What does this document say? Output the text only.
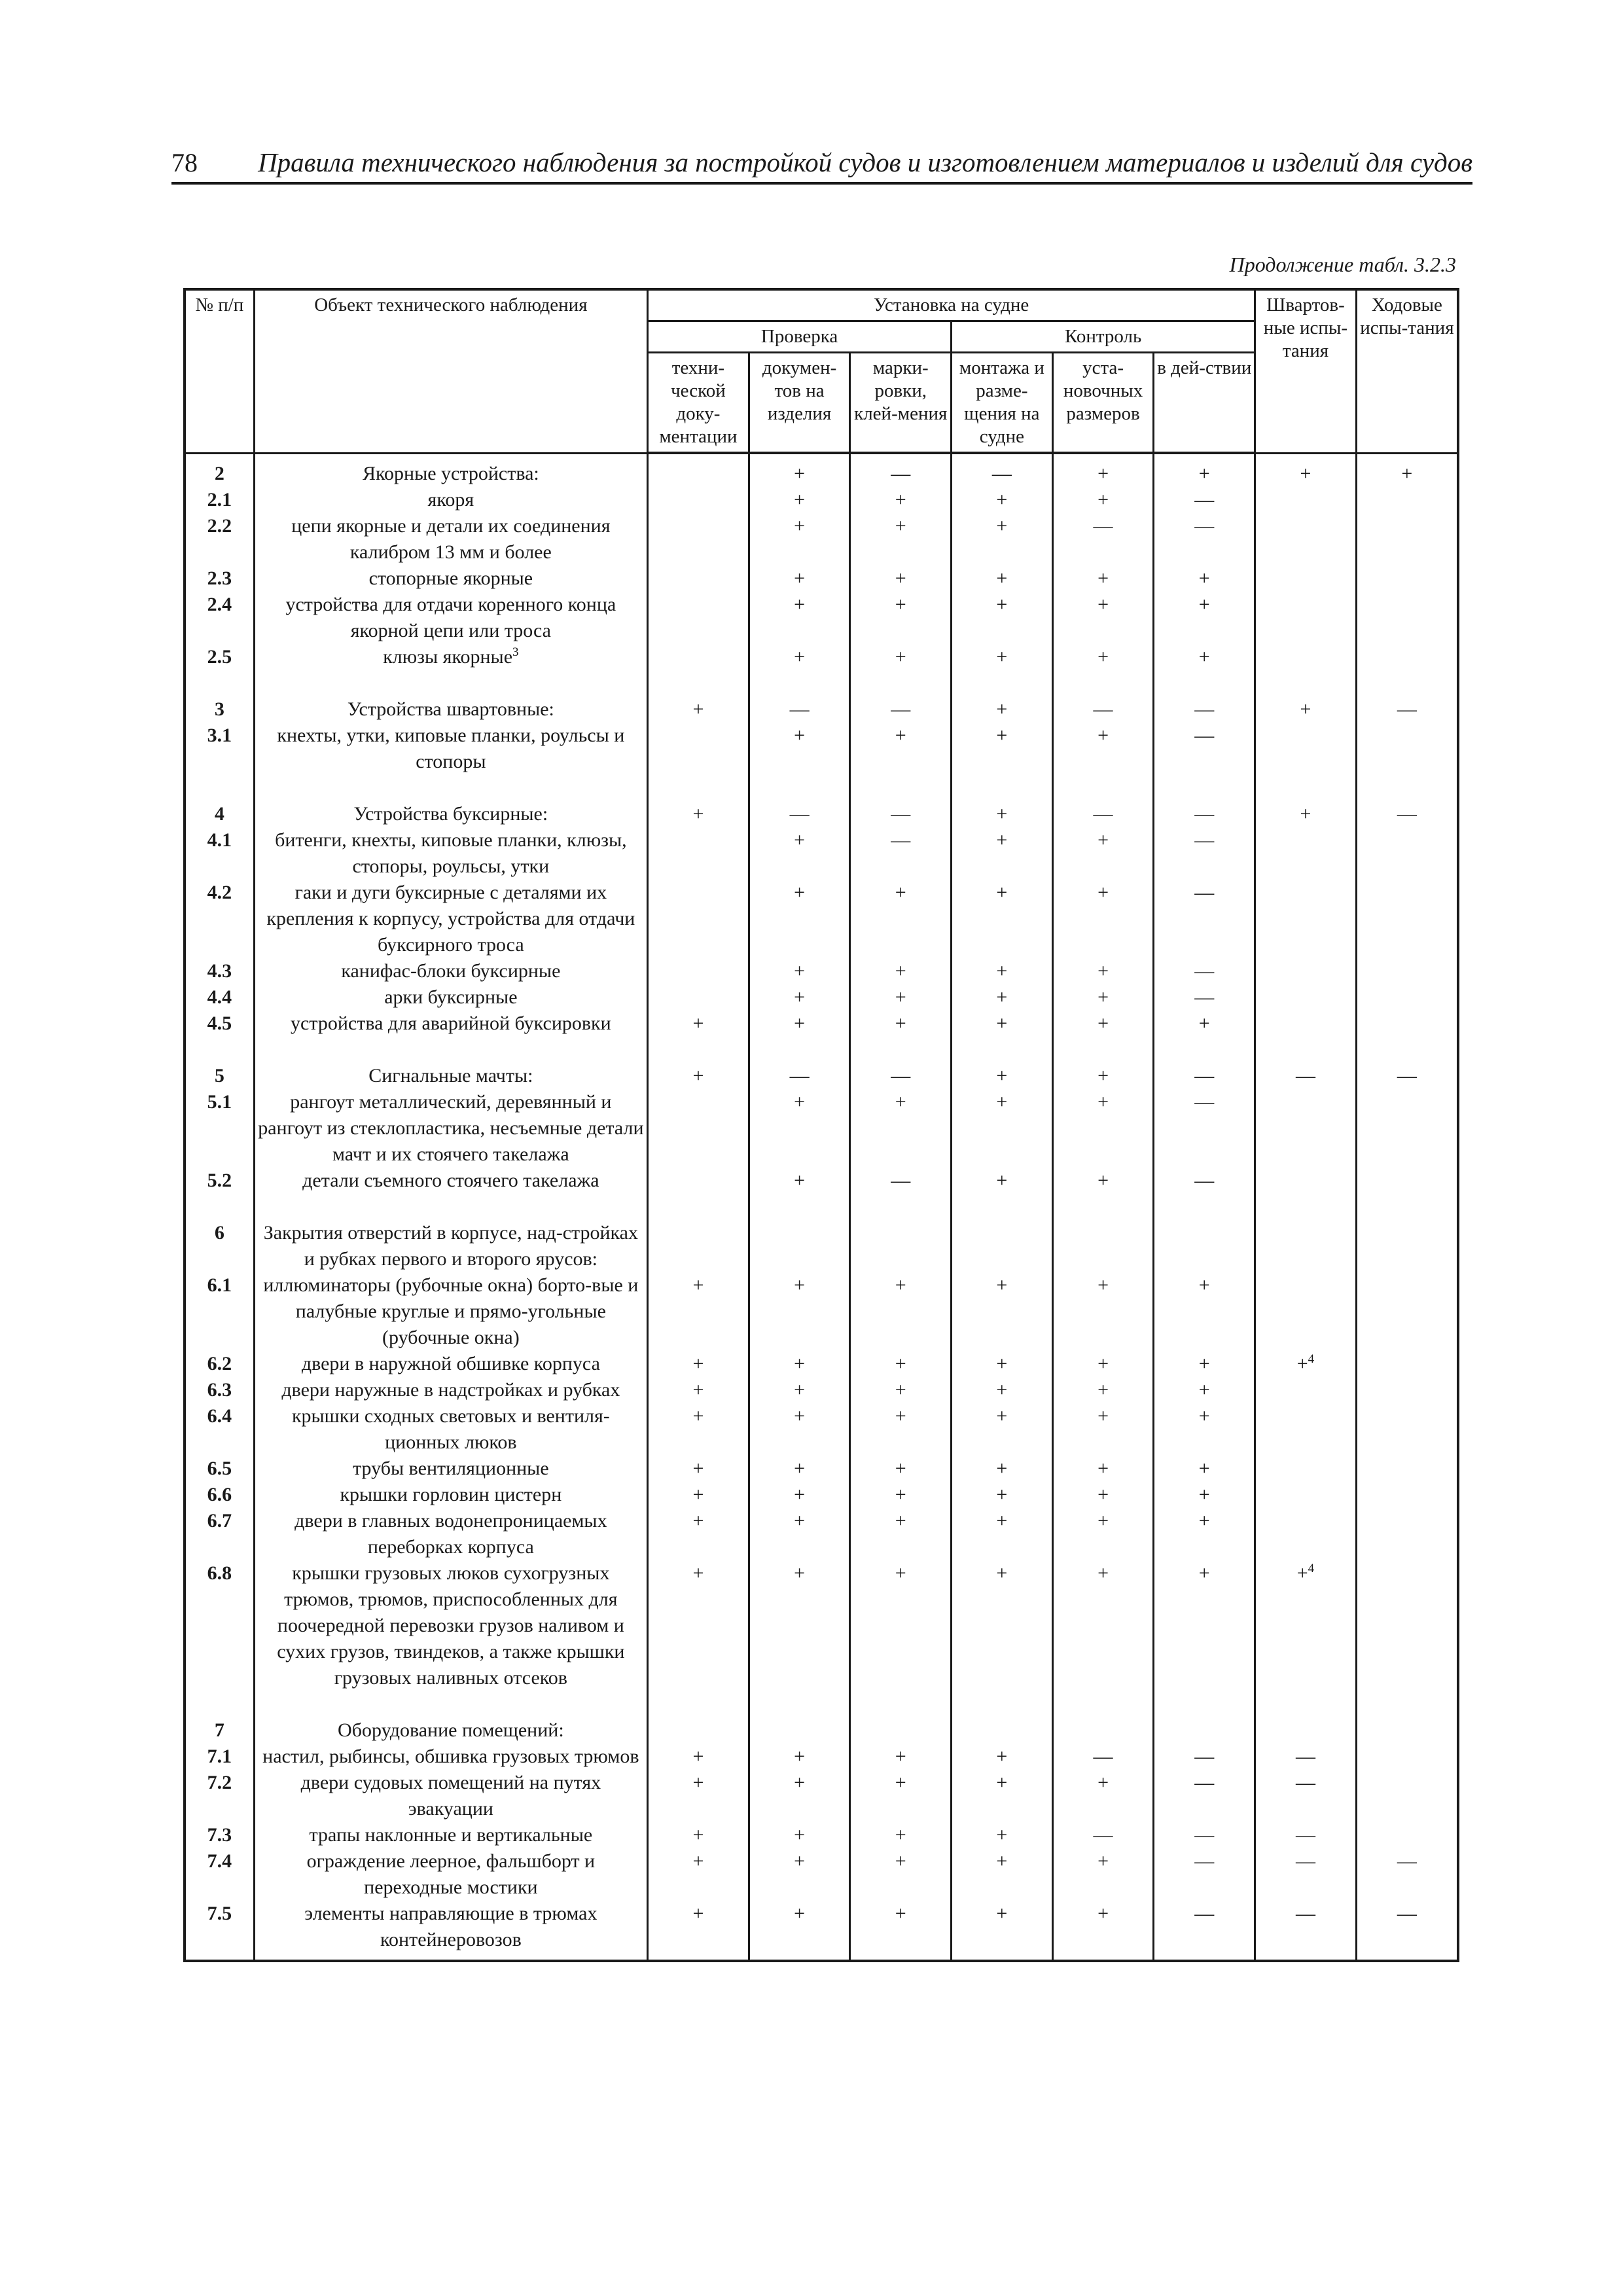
78 Правила технического наблюдения за постройкой судов и изготовлением материалов и изделий для судов
Продолжение табл. 3.2.3
№ п/п	Объект технического наблюдения	Установка на судне						Швартов-ные испы-тания	Ходовые испы-тания
		Проверка			Контроль				
		техни-ческой доку-ментации	докумен-тов на изделия	марки-ровки, клей-мения	монтажа и разме-щения на судне	уста-новочных размеров	в дей-ствии		
2	Якорные устройства:		+	—	—	+	+	+	+
2.1	якоря		+	+	+	+	—		
2.2	цепи якорные и детали их соединения калибром 13 мм и более		+	+	+	—	—		
2.3	стопорные якорные		+	+	+	+	+		
2.4	устройства для отдачи коренного конца якорной цепи или троса		+	+	+	+	+		
2.5	клюзы якорные$^3$		+	+	+	+	+		

3	Устройства швартовные:	+	—	—	+	—	—	+	—
3.1	кнехты, утки, киповые планки, роульсы и стопоры		+	+	+	+	—		

4	Устройства буксирные:	+	—	—	+	—	—	+	—
4.1	битенги, кнехты, киповые планки, клюзы, стопоры, роульсы, утки		+	—	+	+	—		
4.2	гаки и дуги буксирные с деталями их крепления к корпусу, устройства для отдачи буксирного троса		+	+	+	+	—		
4.3	канифас-блоки буксирные		+	+	+	+	—		
4.4	арки буксирные		+	+	+	+	—		
4.5	устройства для аварийной буксировки	+	+	+	+	+	+		

5	Сигнальные мачты:	+	—	—	+	+	—	—	—
5.1	рангоут металлический, деревянный и рангоут из стеклопластика, несъемные детали мачт и их стоячего такелажа		+	+	+	+	—		
5.2	детали съемного стоячего такелажа		+	—	+	+	—		

6	Закрытия отверстий в корпусе, над-стройках и рубках первого и второго ярусов:								
6.1	иллюминаторы (рубочные окна) борто-вые и палубные круглые и прямо-угольные (рубочные окна)	+	+	+	+	+	+		
6.2	двери в наружной обшивке корпуса	+	+	+	+	+	+	+$^4$	
6.3	двери наружные в надстройках и рубках	+	+	+	+	+	+		
6.4	крышки сходных световых и вентиля-ционных люков	+	+	+	+	+	+		
6.5	трубы вентиляционные	+	+	+	+	+	+		
6.6	крышки горловин цистерн	+	+	+	+	+	+		
6.7	двери в главных водонепроницаемых переборках корпуса	+	+	+	+	+	+		
6.8	крышки грузовых люков сухогрузных трюмов, трюмов, приспособленных для поочередной перевозки грузов наливом и сухих грузов, твиндеков, а также крышки грузовых наливных отсеков	+	+	+	+	+	+	+$^4$	

7	Оборудование помещений:								
7.1	настил, рыбинсы, обшивка грузовых трюмов	+	+	+	+	—	—	—	
7.2	двери судовых помещений на путях эвакуации	+	+	+	+	+	—	—	
7.3	трапы наклонные и вертикальные	+	+	+	+	—	—	—	
7.4	ограждение леерное, фальшборт и переходные мостики	+	+	+	+	+	—	—	—
7.5	элементы направляющие в трюмах контейнеровозов	+	+	+	+	+	—	—	—
